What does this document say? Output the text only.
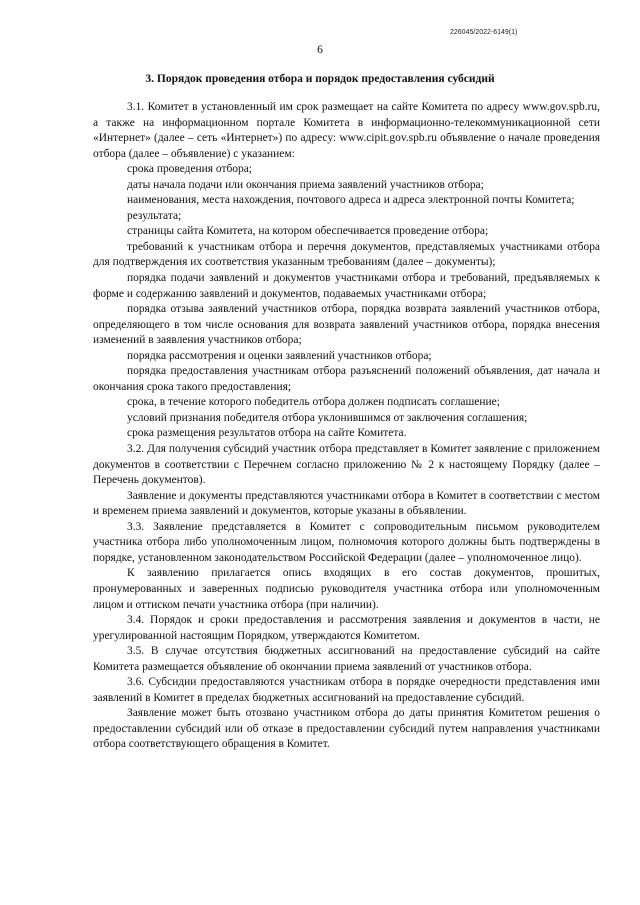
226045/2022-6149(1)
6
3. Порядок проведения отбора и порядок предоставления субсидий

3.1. Комитет в установленный им срок размещает на сайте Комитета по адресу www.gov.spb.ru, а также на информационном портале Комитета в информационно-телекоммуникационной сети «Интернет» (далее – сеть «Интернет») по адресу: www.cipit.gov.spb.ru объявление о начале проведения отбора (далее – объявление) с указанием:

срока проведения отбора;

даты начала подачи или окончания приема заявлений участников отбора;

наименования, места нахождения, почтового адреса и адреса электронной почты Комитета;

результата;

страницы сайта Комитета, на котором обеспечивается проведение отбора;

требований к участникам отбора и перечня документов, представляемых участниками отбора для подтверждения их соответствия указанным требованиям (далее – документы);

порядка подачи заявлений и документов участниками отбора и требований, предъявляемых к форме и содержанию заявлений и документов, подаваемых участниками отбора;

порядка отзыва заявлений участников отбора, порядка возврата заявлений участников отбора, определяющего в том числе основания для возврата заявлений участников отбора, порядка внесения изменений в заявления участников отбора;

порядка рассмотрения и оценки заявлений участников отбора;

порядка предоставления участникам отбора разъяснений положений объявления, дат начала и окончания срока такого предоставления;

срока, в течение которого победитель отбора должен подписать соглашение;

условий признания победителя отбора уклонившимся от заключения соглашения;

срока размещения результатов отбора на сайте Комитета.

3.2. Для получения субсидий участник отбора представляет в Комитет заявление с приложением документов в соответствии с Перечнем согласно приложению № 2 к настоящему Порядку (далее – Перечень документов).

Заявление и документы представляются участниками отбора в Комитет в соответствии с местом и временем приема заявлений и документов, которые указаны в объявлении.

3.3. Заявление представляется в Комитет с сопроводительным письмом руководителем участника отбора либо уполномоченным лицом, полномочия которого должны быть подтверждены в порядке, установленном законодательством Российской Федерации (далее – уполномоченное лицо).

К заявлению прилагается опись входящих в его состав документов, прошитых, пронумерованных и заверенных подписью руководителя участника отбора или уполномоченным лицом и оттиском печати участника отбора (при наличии).

3.4. Порядок и сроки предоставления и рассмотрения заявления и документов в части, не урегулированной настоящим Порядком, утверждаются Комитетом.

3.5. В случае отсутствия бюджетных ассигнований на предоставление субсидий на сайте Комитета размещается объявление об окончании приема заявлений от участников отбора.

3.6. Субсидии предоставляются участникам отбора в порядке очередности представления ими заявлений в Комитет в пределах бюджетных ассигнований на предоставление субсидий.

Заявление может быть отозвано участником отбора до даты принятия Комитетом решения о предоставлении субсидий или об отказе в предоставлении субсидий путем направления участниками отбора соответствующего обращения в Комитет.
